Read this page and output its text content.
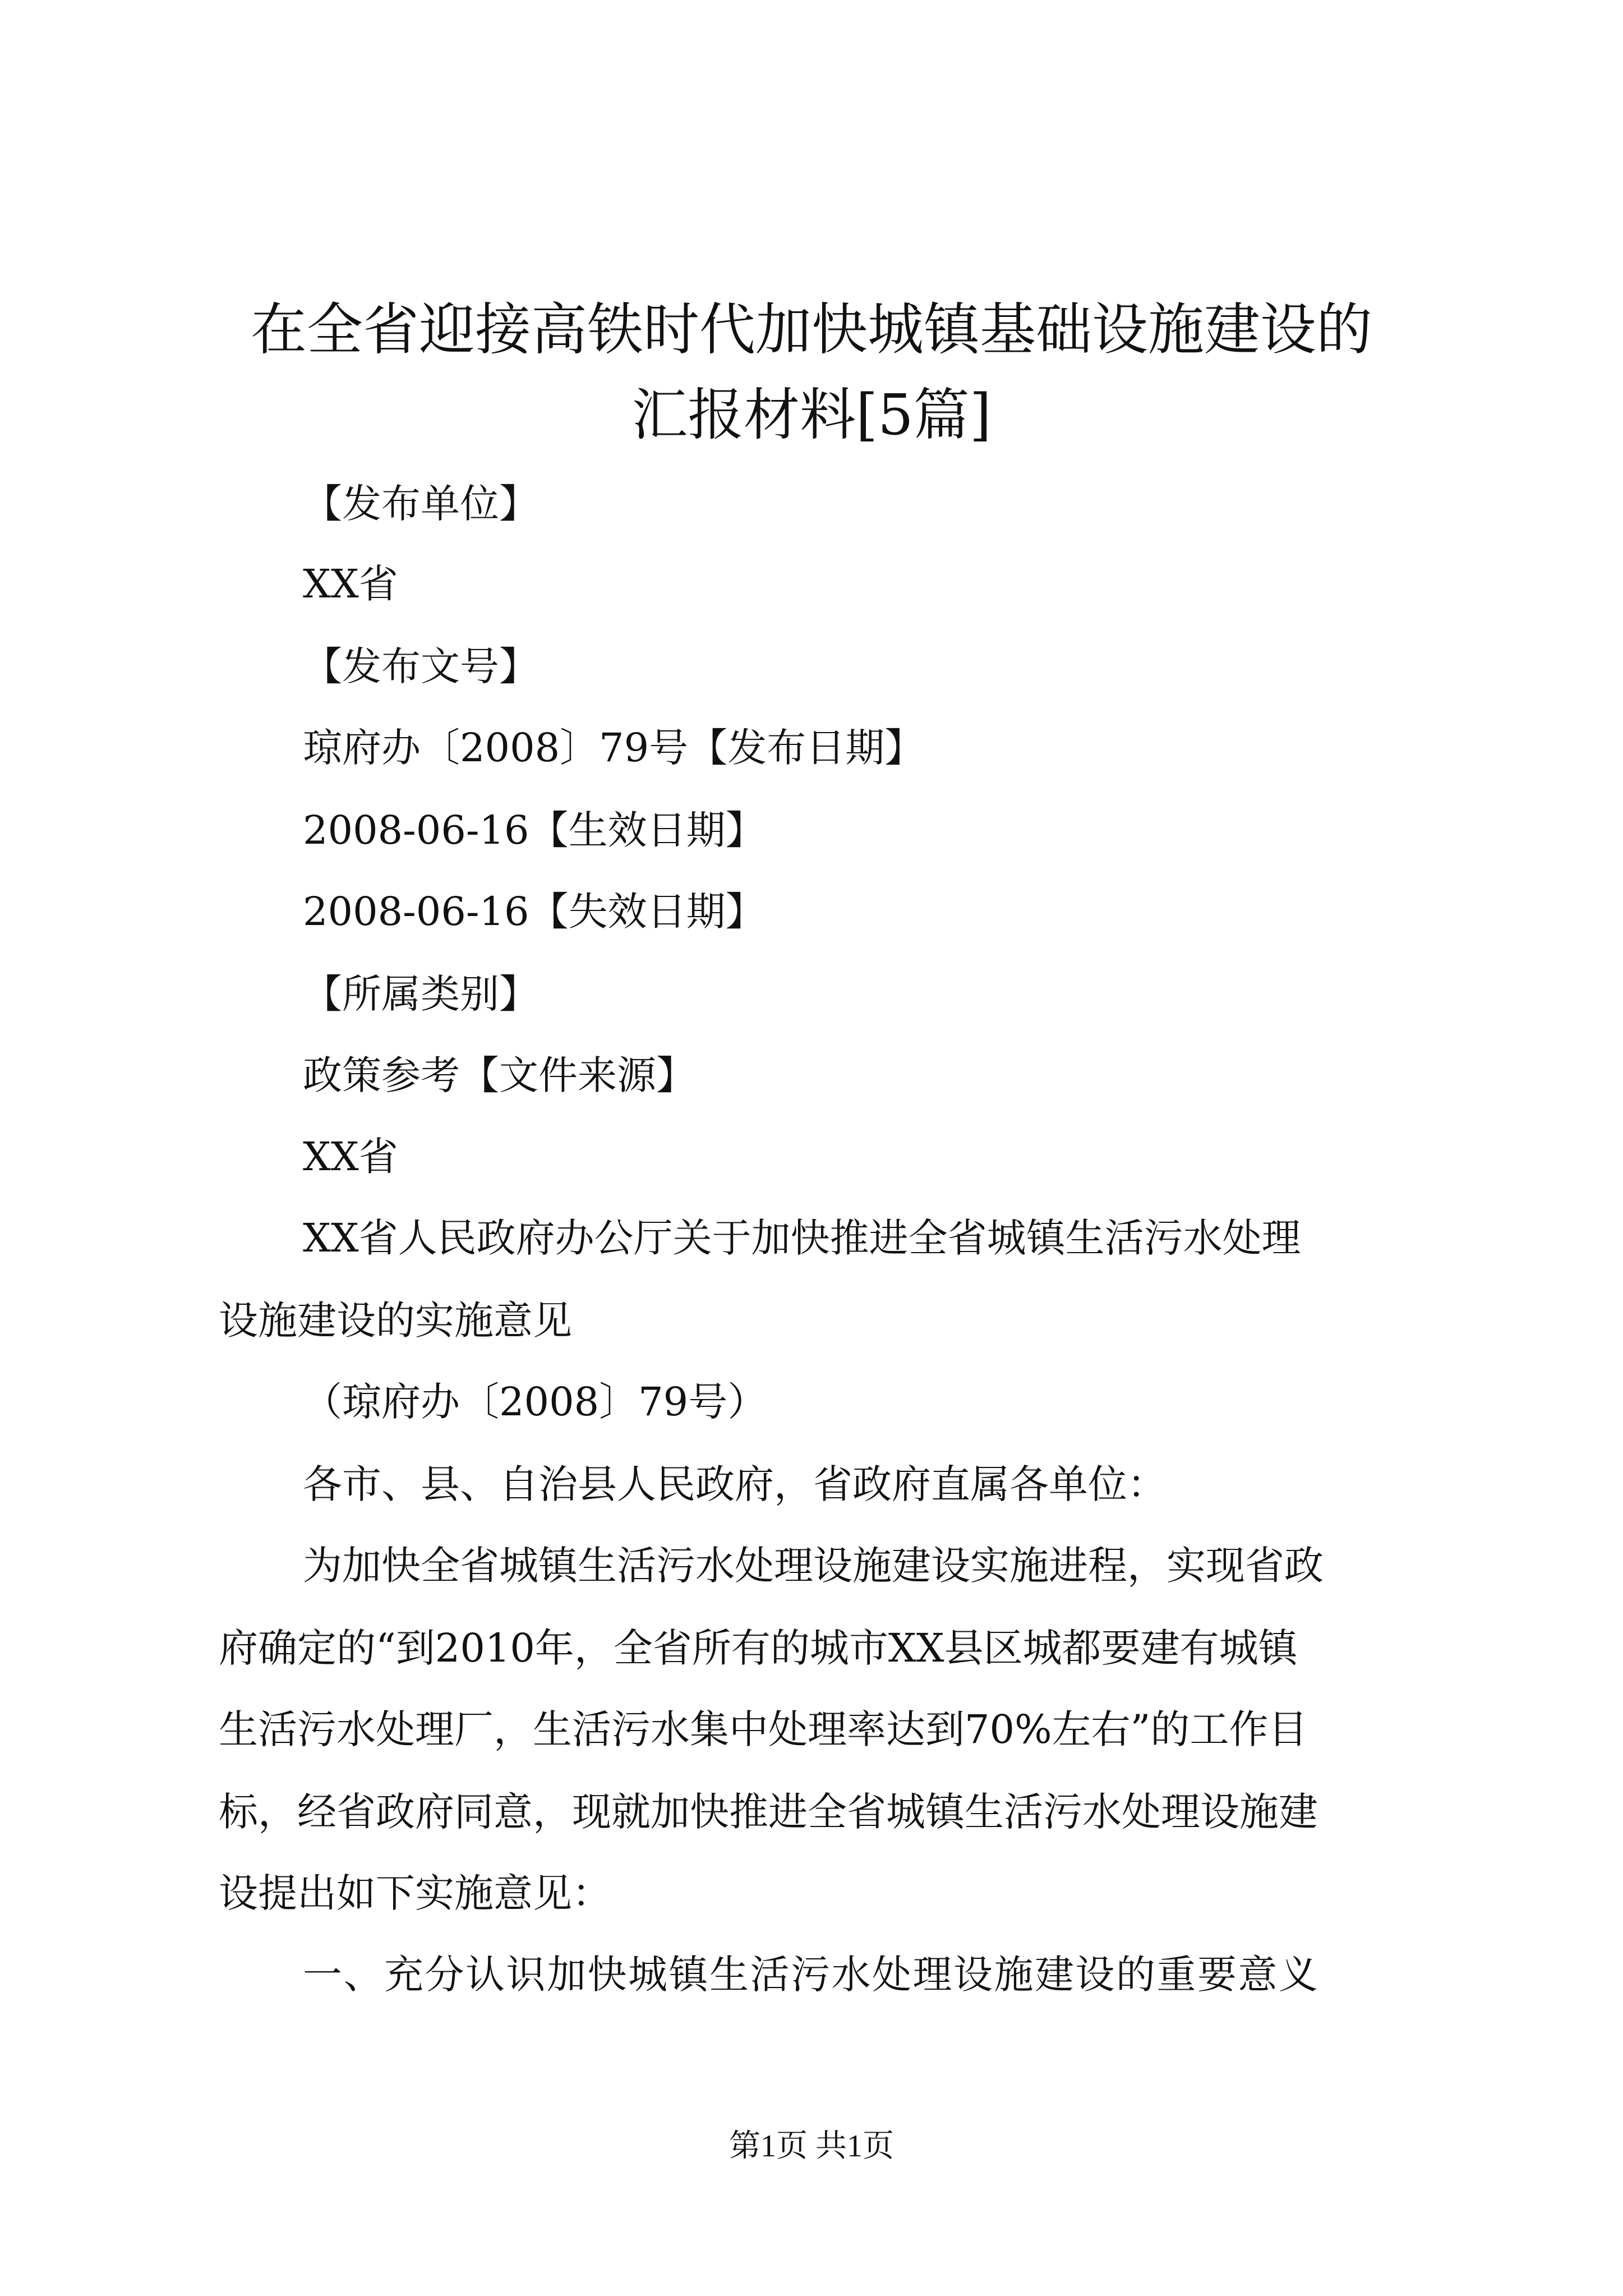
在全省迎接高铁时代加快城镇基础设施建设的
汇报材料[5篇]
【发布单位】
XX省
【发布文号】
琼府办〔2008〕79号【发布日期】
2008-06-16【生效日期】
2008-06-16【失效日期】
【所属类别】
政策参考【文件来源】
XX省
XX省人民政府办公厅关于加快推进全省城镇生活污水处理
设施建设的实施意见
（琼府办〔2008〕79号）
各市、县、自治县人民政府，省政府直属各单位：
为加快全省城镇生活污水处理设施建设实施进程，实现省政
府确定的“到2010年，全省所有的城市XX县区城都要建有城镇
生活污水处理厂，生活污水集中处理率达到70%左右”的工作目
标，经省政府同意，现就加快推进全省城镇生活污水处理设施建
设提出如下实施意见：
一、充分认识加快城镇生活污水处理设施建设的重要意义
第1页 共1页
